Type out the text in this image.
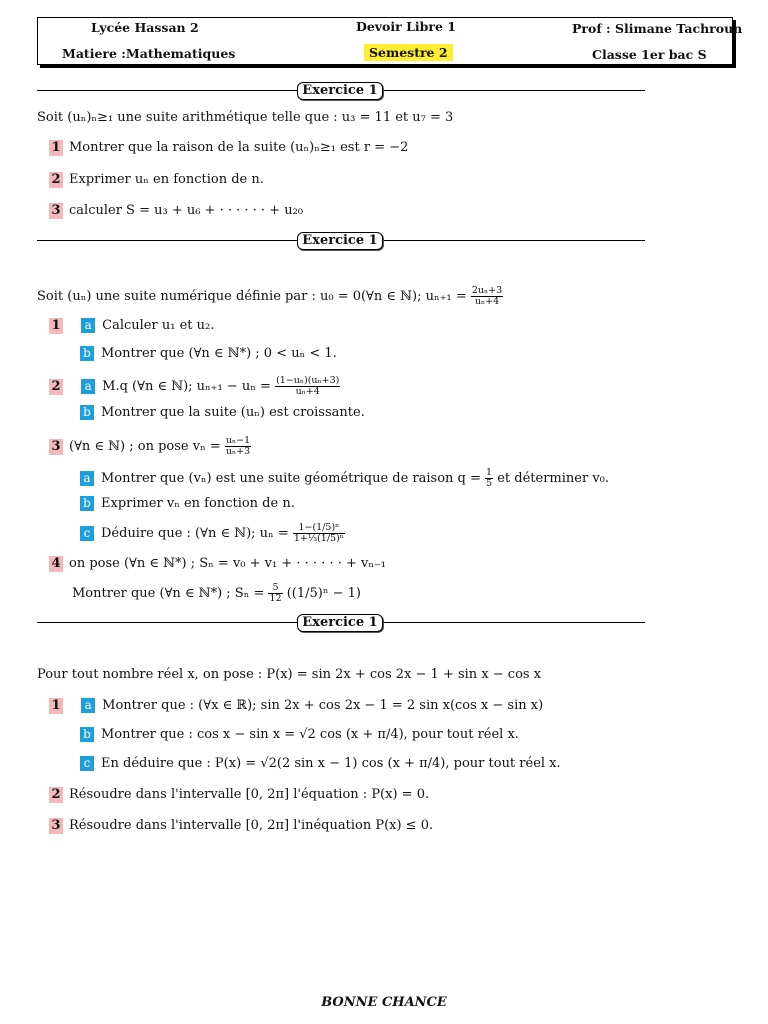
Lycée Hassan 2	Devoir Libre 1	Prof : Slimane Tachroun
Matiere :Mathematiques	Semestre 2	Classe 1er bac S
Exercice 1
Soit (uₙ)ₙ≥₁ une suite arithmétique telle que : u₃ = 11 et u₇ = 3
1 Montrer que la raison de la suite (uₙ)ₙ≥₁ est r = −2
2 Exprimer uₙ en fonction de n.
3 calculer S = u₃ + u₆ + · · · · · · + u₂₀
Exercice 1
Soit (uₙ) une suite numérique définie par : u₀ = 0(∀n ∈ ℕ); $u_{n+1} = \frac{\text{2uₙ+3}}{\text{uₙ+4}}$
1 a Calculer u₁ et u₂.
b Montrer que (∀n ∈ ℕ*) ; 0 < uₙ < 1.
2 a M.q (∀n ∈ ℕ); $u_{n+1} - u_n = \frac{\text{(1−uₙ)(uₙ+3)}}{\text{uₙ+4}}$
b Montrer que la suite (uₙ) est croissante.
3 (∀n ∈ ℕ) ; on pose $v_n = \frac{\text{uₙ−1}}{\text{uₙ+3}}$
a Montrer que (vₙ) est une suite géométrique de raison $q = \frac{1}{5}$ et déterminer v₀.
b Exprimer vₙ en fonction de n.
c Déduire que : (∀n ∈ ℕ); $u_n = \frac{\text{1−(1/5)ⁿ}}{\text{1+⅓(1/5)ⁿ}}$
4 on pose (∀n ∈ ℕ*) ; Sₙ = v₀ + v₁ + · · · · · · + vₙ₋₁
Montrer que (∀n ∈ ℕ*) ; $S_n = \frac{5}{12} ((1/5)^n - 1)$
Exercice 1
Pour tout nombre réel x, on pose : P(x) = sin 2x + cos 2x − 1 + sin x − cos x
1 a Montrer que : (∀x ∈ ℝ); sin 2x + cos 2x − 1 = 2 sin x(cos x − sin x)
b Montrer que : cos x − sin x = √2 cos (x + π/4), pour tout réel x.
c En déduire que : P(x) = √2(2 sin x − 1) cos (x + π/4), pour tout réel x.
2 Résoudre dans l'intervalle [0, 2π] l'équation : P(x) = 0.
3 Résoudre dans l'intervalle [0, 2π] l'inéquation P(x) ≤ 0.
BONNE CHANCE
